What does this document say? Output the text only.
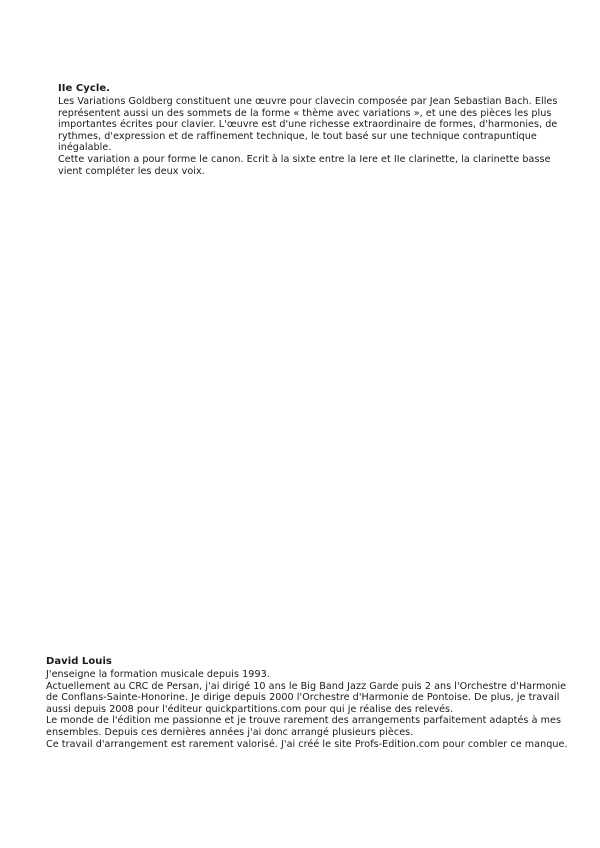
IIe Cycle.

Les Variations Goldberg constituent une œuvre pour clavecin composée par Jean Sebastian Bach. Elles représentent aussi un des sommets de la forme « thème avec variations », et une des pièces les plus importantes écrites pour clavier. L'œuvre est d'une richesse extraordinaire de formes, d'harmonies, de rythmes, d'expression et de raffinement technique, le tout basé sur une technique contrapuntique inégalable.

Cette variation a pour forme le canon. Ecrit à la sixte entre la Iere et IIe clarinette, la clarinette basse vient compléter les deux voix.

David Louis

J'enseigne la formation musicale depuis 1993.

Actuellement au CRC de Persan, j'ai dirigé 10 ans le Big Band Jazz Garde puis 2 ans l'Orchestre d'Harmonie de Conflans-Sainte-Honorine. Je dirige depuis 2000 l'Orchestre d'Harmonie de Pontoise. De plus, je travail aussi depuis 2008 pour l'éditeur quickpartitions.com pour qui je réalise des relevés.

Le monde de l'édition me passionne et je trouve rarement des arrangements parfaitement adaptés à mes ensembles. Depuis ces dernières années j'ai donc arrangé plusieurs pièces.

Ce travail d'arrangement est rarement valorisé. J'ai créé le site Profs-Edition.com pour combler ce manque.
